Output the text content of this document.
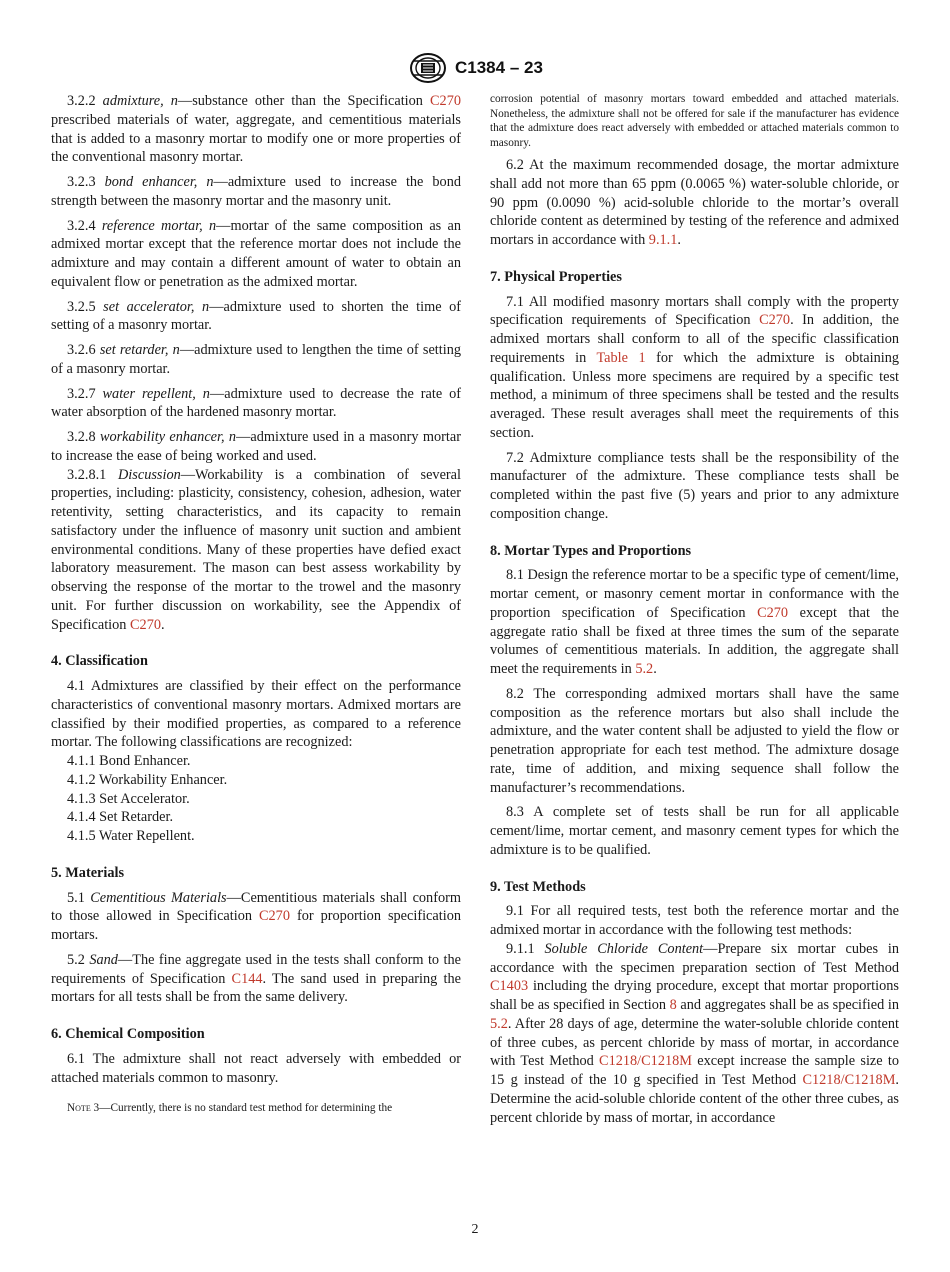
C1384 – 23

3.2.2 admixture, n—substance other than the Specification C270 prescribed materials of water, aggregate, and cementitious materials that is added to a masonry mortar to modify one or more properties of the conventional masonry mortar.

3.2.3 bond enhancer, n—admixture used to increase the bond strength between the masonry mortar and the masonry unit.

3.2.4 reference mortar, n—mortar of the same composition as an admixed mortar except that the reference mortar does not include the admixture and may contain a different amount of water to obtain an equivalent flow or penetration as the admixed mortar.

3.2.5 set accelerator, n—admixture used to shorten the time of setting of a masonry mortar.

3.2.6 set retarder, n—admixture used to lengthen the time of setting of a masonry mortar.

3.2.7 water repellent, n—admixture used to decrease the rate of water absorption of the hardened masonry mortar.

3.2.8 workability enhancer, n—admixture used in a masonry mortar to increase the ease of being worked and used.

3.2.8.1 Discussion—Workability is a combination of several properties, including: plasticity, consistency, cohesion, adhesion, water retentivity, setting characteristics, and its capacity to remain satisfactory under the influence of masonry unit suction and ambient environmental conditions. Many of these properties have defied exact laboratory measurement. The mason can best assess workability by observing the response of the mortar to the trowel and the masonry unit. For further discussion on workability, see the Appendix of Specification C270.

4. Classification

4.1 Admixtures are classified by their effect on the performance characteristics of conventional masonry mortars. Admixed mortars are classified by their modified properties, as compared to a reference mortar. The following classifications are recognized:

4.1.1 Bond Enhancer.

4.1.2 Workability Enhancer.

4.1.3 Set Accelerator.

4.1.4 Set Retarder.

4.1.5 Water Repellent.

5. Materials

5.1 Cementitious Materials—Cementitious materials shall conform to those allowed in Specification C270 for proportion specification mortars.

5.2 Sand—The fine aggregate used in the tests shall conform to the requirements of Specification C144. The sand used in preparing the mortars for all tests shall be from the same delivery.

6. Chemical Composition

6.1 The admixture shall not react adversely with embedded or attached materials common to masonry.

Note 3—Currently, there is no standard test method for determining the

corrosion potential of masonry mortars toward embedded and attached materials. Nonetheless, the admixture shall not be offered for sale if the manufacturer has evidence that the admixture does react adversely with embedded or attached materials common to masonry.

6.2 At the maximum recommended dosage, the mortar admixture shall add not more than 65 ppm (0.0065 %) water-soluble chloride, or 90 ppm (0.0090 %) acid-soluble chloride to the mortar’s overall chloride content as determined by testing of the reference and admixed mortars in accordance with 9.1.1.

7. Physical Properties

7.1 All modified masonry mortars shall comply with the property specification requirements of Specification C270. In addition, the admixed mortars shall conform to all of the specific classification requirements in Table 1 for which the admixture is obtaining qualification. Unless more specimens are required by a specific test method, a minimum of three specimens shall be tested and the results averaged. These result averages shall meet the requirements of this section.

7.2 Admixture compliance tests shall be the responsibility of the manufacturer of the admixture. These compliance tests shall be completed within the past five (5) years and prior to any admixture composition change.

8. Mortar Types and Proportions

8.1 Design the reference mortar to be a specific type of cement/lime, mortar cement, or masonry cement mortar in conformance with the proportion specification of Specification C270 except that the aggregate ratio shall be fixed at three times the sum of the separate volumes of cementitious materials. In addition, the aggregate shall meet the requirements in 5.2.

8.2 The corresponding admixed mortars shall have the same composition as the reference mortars but also shall include the admixture, and the water content shall be adjusted to yield the flow or penetration appropriate for each test method. The admixture dosage rate, time of addition, and mixing sequence shall follow the manufacturer’s recommendations.

8.3 A complete set of tests shall be run for all applicable cement/lime, mortar cement, and masonry cement types for which the admixture is to be qualified.

9. Test Methods

9.1 For all required tests, test both the reference mortar and the admixed mortar in accordance with the following test methods:

9.1.1 Soluble Chloride Content—Prepare six mortar cubes in accordance with the specimen preparation section of Test Method C1403 including the drying procedure, except that mortar proportions shall be as specified in Section 8 and aggregates shall be as specified in 5.2. After 28 days of age, determine the water-soluble chloride content of three cubes, as percent chloride by mass of mortar, in accordance with Test Method C1218/C1218M except increase the sample size to 15 g instead of the 10 g specified in Test Method C1218/C1218M. Determine the acid-soluble chloride content of the other three cubes, as percent chloride by mass of mortar, in accordance

2
